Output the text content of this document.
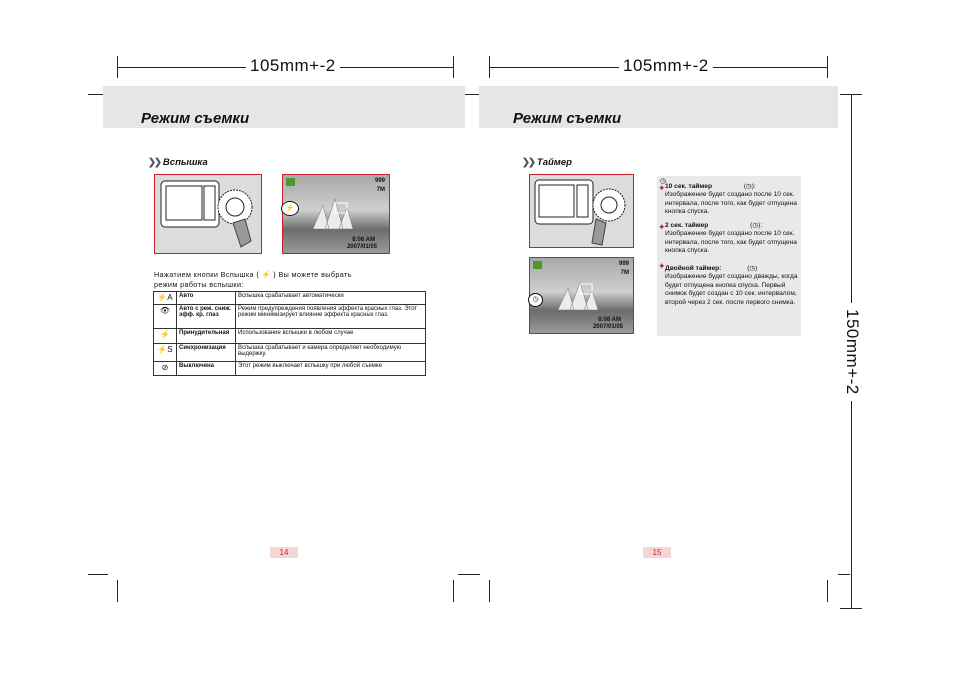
105mm+-2	105mm+-2
150mm+-2
Режим съемки
❯❯ Вспышка
999
7M
8:08 AM
2007/01/05
⚡
Нажатием кнопки Вспышка ( ⚡ ) Вы можете выбрать
режим работы вспышки:
⚡A	Авто	Вспышка срабатывает автоматически
👁	Авто с реж. сниж. эфф. кр. глаз	Режим предупреждения появления эффекта красных глаз. Этот режим минимизирует влияние эффекта красных глаз.
⚡	Принудительная	Использование вспышки в любом случае
⚡S	Синхронизация	Вспышка срабатывает и камера определяет необходимую выдержку.
⊘	Выключена	Этот режим выключает вспышку при любой съемке
14
Режим съемки
❯❯ Таймер
999
7M
8:08 AM
2007/01/05
◷
◷
✦ 10 сек. таймер	(◷):
Изображение будет создано после 10 сек. интервала, после того, как будет отпущена кнопка спуска.

✦ 2 сек. таймер	(◷):
Изображение будет создано после 10 сек. интервала, после того, как будет отпущена кнопка спуска.

✦ Двойной таймер:	(◷)
Изображение будет создано дважды, когда будет отпущена кнопка спуска. Первый снимок будет создан с 10 сек. интервалом, второй через 2 сек. после первого снимка.

15
